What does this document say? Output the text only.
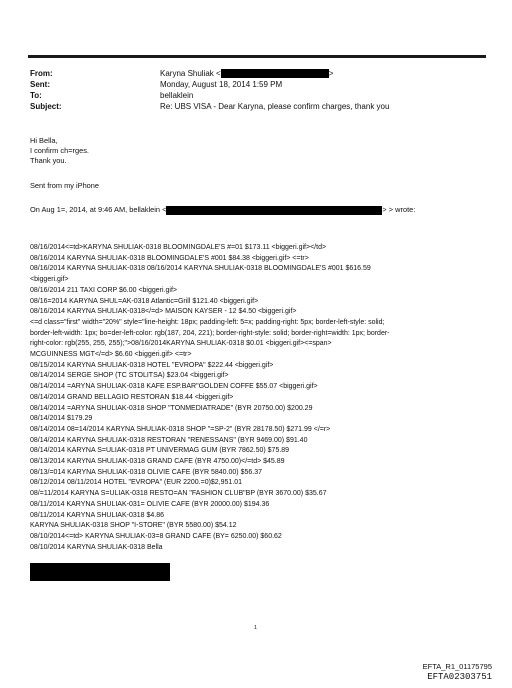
From:	Karyna Shuliak <	>
Sent:	Monday, August 18, 2014 1:59 PM
To:	bellaklein
Subject:	Re: UBS VISA - Dear Karyna, please confirm charges, thank you
Hi Bella,
I confirm ch=rges.
Thank you.
Sent from my iPhone
On Aug 1=, 2014, at 9:46 AM, bellaklein <	> > wrote:
08/16/2014<=td>KARYNA SHULIAK-0318 BLOOMINGDALE'S #=01 $173.11 <biggeri.gif></td>
08/16/2014 KARYNA SHULIAK-0318 BLOOMINGDALE'S #001 $84.38 <biggeri.gif> <=tr>
08/16/2014 KARYNA SHULIAK-0318 08/16/2014 KARYNA SHULIAK-0318 BLOOMINGDALE'S #001 $616.59
<biggeri.gif>
08/16/2014 211 TAXI CORP $6.00 <biggeri.gif>
08/16=2014 KARYNA SHUL=AK-0318 Atlantic=Grill $121.40 <biggeri.gif>
08/16/2014 KARYNA SHULIAK-0318</=d> MAISON KAYSER - 12 $4.50 <biggeri.gif>
<=d class="first" width="20%" style="line-height: 18px; padding-left: 5=x; padding-right: 5px; border-left-style: solid;
border-left-width: 1px; bo=der-left-color: rgb(187, 204, 221); border-right-style: solid; border-right=width: 1px; border-
right-color: rgb(255, 255, 255);">08/16/2014KARYNA SHULIAK-0318 $0.01 <biggeri.gif><=span>
MCGUINNESS MGT</=d> $6.60 <biggeri.gif> <=tr>
08/15/2014 KARYNA SHULIAK-0318 HOTEL "EVROPA" $222.44 <biggeri.gif>
08/14/2014 SERGE SHOP (TC STOLITSA) $23.04 <biggeri.gif>
08/14/2014 =ARYNA SHULIAK-0318 KAFE ESP.BAR"GOLDEN COFFE $55.07 <biggeri.gif>
08/14/2014 GRAND BELLAGIO RESTORAN $18.44 <biggeri.gif>
08/14/2014 =ARYNA SHULIAK-0318 SHOP "TONMEDIATRADE" (BYR 20750.00) $200.29
08/14/2014 $179.29
08/14/2014 08=14/2014 KARYNA SHULIAK-0318 SHOP "=SP-2" (BYR 28178.50) $271.99 </=r>
08/14/2014 KARYNA SHULIAK-0318 RESTORAN "RENESSANS" (BYR 9469.00) $91.40
08/14/2014 KARYNA S=ULIAK-0318 PT UNIVERMAG GUM (BYR 7862.50) $75.89
08/13/2014 KARYNA SHULIAK-0318 GRAND CAFE (BYR 4750.00)</=td> $45.89
08/13/=014 KARYNA SHULIAK-0318 OLIVIE CAFE (BYR 5840.00) $56.37
08/12/2014 08/11/2014 HOTEL "EVROPA" (EUR 2200.=0)$2,951.01
08/=11/2014 KARYNA S=ULIAK-0318 RESTO=AN "FASHION CLUB"BP (BYR 3670.00) $35.67
08/11/2014 KARYNA SHULIAK-031= OLIVIE CAFE (BYR 20000.00) $194.36
08/11/2014 KARYNA SHULIAK-0318 $4.86
KARYNA SHULIAK-0318 SHOP "I-STORE" (BYR 5580.00) $54.12
08/10/2014<=td> KARYNA SHULIAK-03=8 GRAND CAFE (BY= 6250.00) $60.62
08/10/2014 KARYNA SHULIAK-0318 Bella
1
EFTA_R1_01175795
EFTA02303751
